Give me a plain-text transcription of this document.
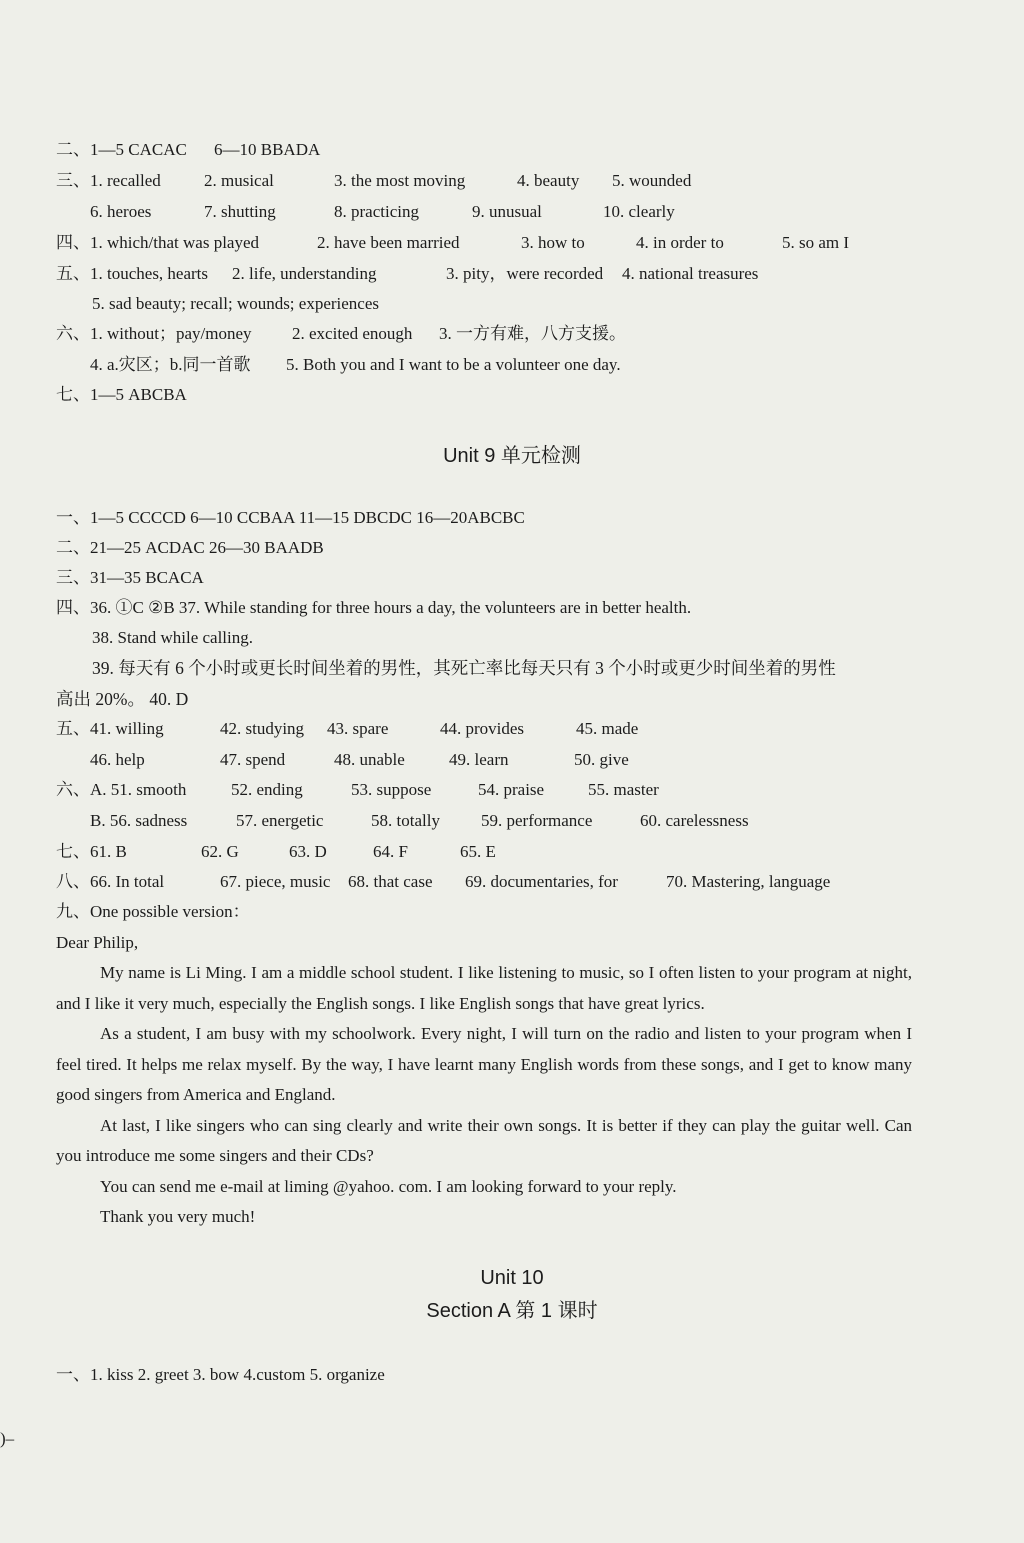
二、1—5 CACAC 6—10 BBADA
三、 1. recalled	2. musical	3. the most moving	4. beauty 5. wounded
6. heroes	7. shutting	8. practicing	9. unusual	10. clearly
四、 1. which/that was played	2. have been married	3. how to	4. in order to	5. so am I
五、 1. touches, hearts 2. life, understanding	3. pity，were recorded 4. national treasures
5. sad beauty; recall; wounds; experiences
六、 1. without；pay/money 2. excited enough 3. 一方有难，八方支援。
4. a.灾区；b.同一首歌 5. Both you and I want to be a volunteer one day.
七、1—5 ABCBA
Unit 9 单元检测
一、1—5 CCCCD 6—10 CCBAA 11—15 DBCDC 16—20ABCBC
二、21—25 ACDAC 26—30 BAADB
三、31—35 BCACA
四、36. ①C ②B 37. While standing for three hours a day, the volunteers are in better health.
38. Stand while calling.
39. 每天有 6 个小时或更长时间坐着的男性，其死亡率比每天只有 3 个小时或更少时间坐着的男性
高出 20%。 40. D
五、 41. willing	42. studying 43. spare	44. provides	45. made
46. help	47. spend	48. unable	49. learn	50. give
六、 A. 51. smooth	52. ending	53. suppose	54. praise	55. master
B. 56. sadness	57. energetic	58. totally 59. performance	60. carelessness
七、 61. B	62. G	63. D	64. F	65. E
八、 66. In total	67. piece, music 68. that case 69. documentaries, for	70. Mastering, language
九、One possible version：
Dear Philip,
My name is Li Ming. I am a middle school student. I like listening to music, so I often listen to your program at night, and I like it very much, especially the English songs. I like English songs that have great lyrics.
As a student, I am busy with my schoolwork. Every night, I will turn on the radio and listen to your program when I feel tired. It helps me relax myself. By the way, I have learnt many English words from these songs, and I get to know many good singers from America and England.
At last, I like singers who can sing clearly and write their own songs. It is better if they can play the guitar well. Can you introduce me some singers and their CDs?
You can send me e-mail at liming @yahoo. com. I am looking forward to your reply.
Thank you very much!
Unit 10
Section A 第 1 课时
一、1. kiss 2. greet 3. bow 4.custom 5. organize
)–
